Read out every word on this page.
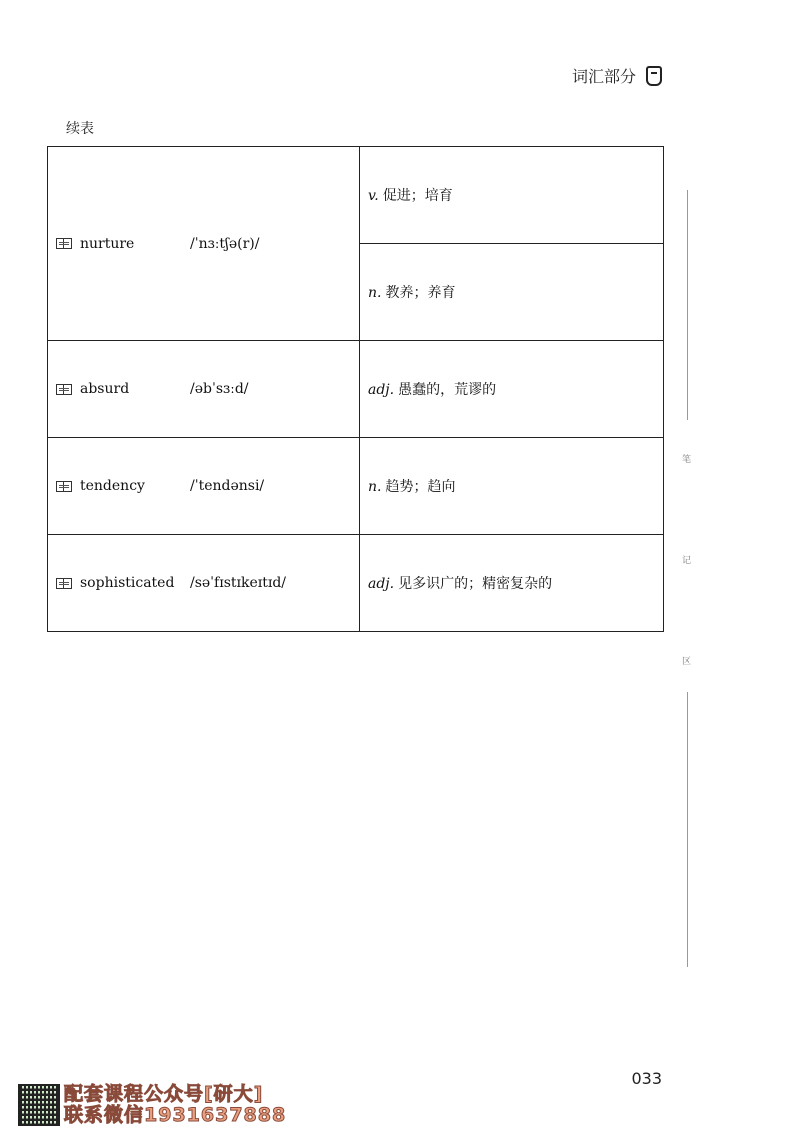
词汇部分
续表
nurture /ˈnɜːtʃə(r)/	v. 促进；培育
	n. 教养；养育

absurd /əbˈsɜːd/	adj. 愚蠢的，荒谬的

tendency /ˈtendənsi/	n. 趋势；趋向

sophisticated /səˈfɪstɪkeɪtɪd/	adj. 见多识广的；精密复杂的
笔
记
区
033
配套课程公众号[研大]
联系微信1931637888
